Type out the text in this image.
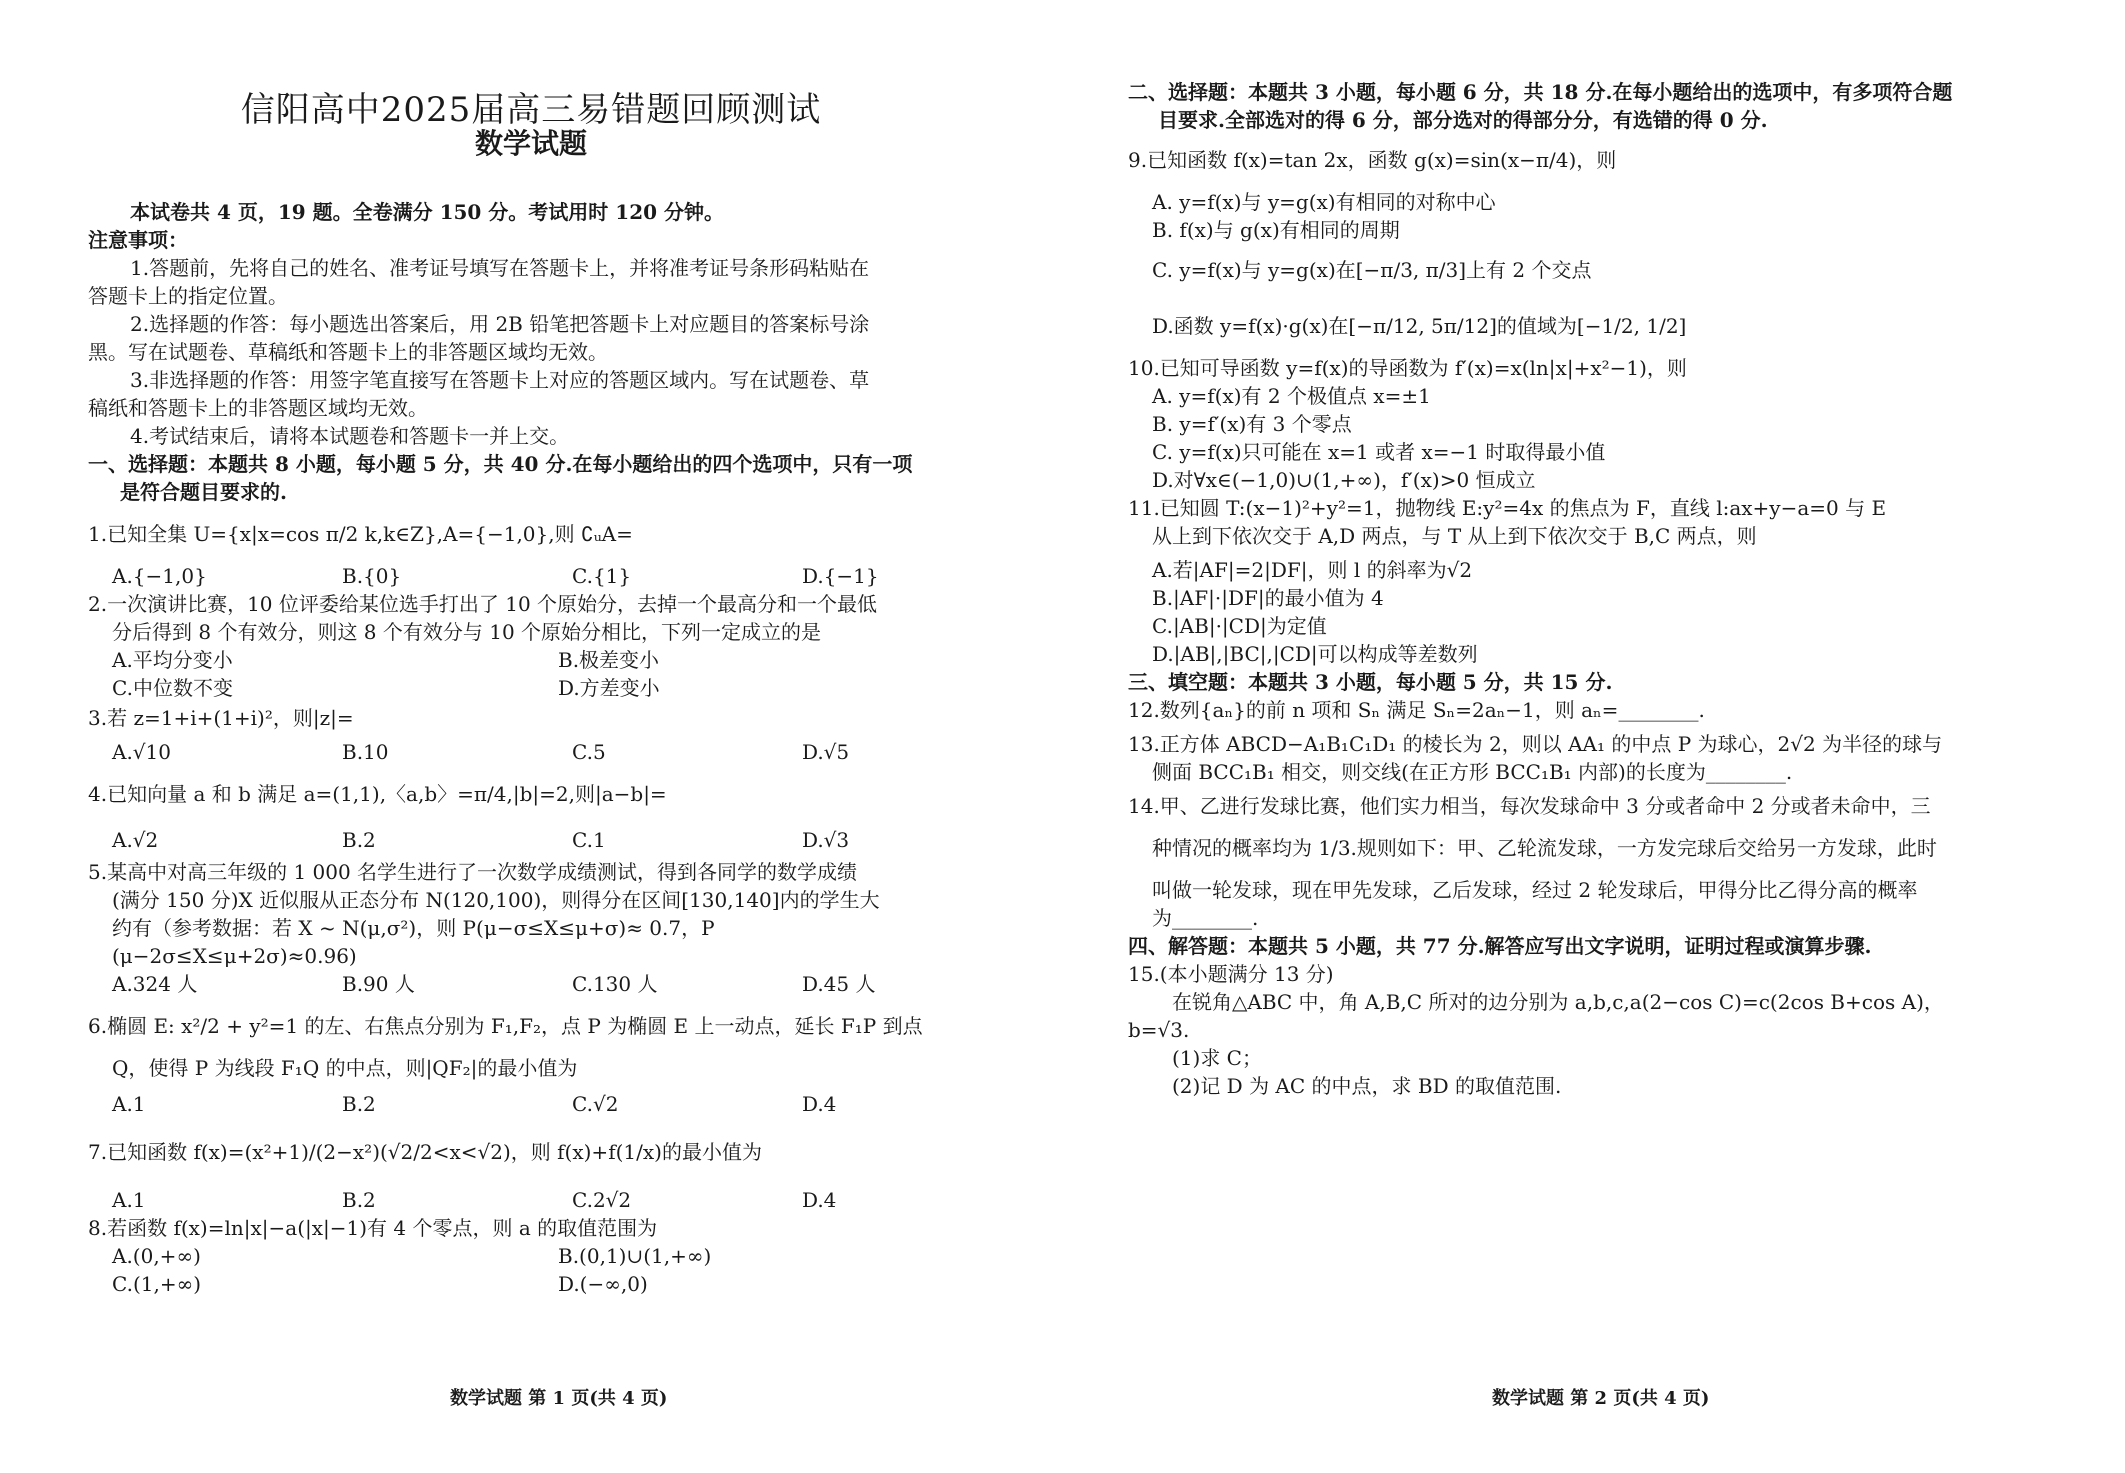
信阳高中2025届高三易错题回顾测试
数学试题
本试卷共 4 页，19 题。全卷满分 150 分。考试用时 120 分钟。
注意事项：
1.答题前，先将自己的姓名、准考证号填写在答题卡上，并将准考证号条形码粘贴在
答题卡上的指定位置。
2.选择题的作答：每小题选出答案后，用 2B 铅笔把答题卡上对应题目的答案标号涂
黑。写在试题卷、草稿纸和答题卡上的非答题区域均无效。
3.非选择题的作答：用签字笔直接写在答题卡上对应的答题区域内。写在试题卷、草
稿纸和答题卡上的非答题区域均无效。
4.考试结束后，请将本试题卷和答题卡一并上交。
一、选择题：本题共 8 小题，每小题 5 分，共 40 分.在每小题给出的四个选项中，只有一项
是符合题目要求的.
1.已知全集 U={x|x=cos π/2 k,k∈Z},A={−1,0},则 ∁ᵤA=
A.{−1,0}	B.{0}	C.{1}	D.{−1}
2.一次演讲比赛，10 位评委给某位选手打出了 10 个原始分，去掉一个最高分和一个最低
分后得到 8 个有效分，则这 8 个有效分与 10 个原始分相比，下列一定成立的是
A.平均分变小	B.极差变小
C.中位数不变	D.方差变小
3.若 z=1+i+(1+i)²，则|z|=
A.√10	B.10	C.5	D.√5
4.已知向量 a 和 b 满足 a=(1,1),〈a,b〉=π/4,|b|=2,则|a−b|=
A.√2	B.2	C.1	D.√3
5.某高中对高三年级的 1 000 名学生进行了一次数学成绩测试，得到各同学的数学成绩
(满分 150 分)X 近似服从正态分布 N(120,100)，则得分在区间[130,140]内的学生大
约有（参考数据：若 X ~ N(μ,σ²)，则 P(μ−σ≤X≤μ+σ)≈ 0.7，P
(μ−2σ≤X≤μ+2σ)≈0.96)
A.324 人	B.90 人	C.130 人	D.45 人
6.椭圆 E: x²/2 + y²=1 的左、右焦点分别为 F₁,F₂，点 P 为椭圆 E 上一动点，延长 F₁P 到点
Q，使得 P 为线段 F₁Q 的中点，则|QF₂|的最小值为
A.1	B.2	C.√2	D.4
7.已知函数 f(x)=(x²+1)/(2−x²)(√2/2<x<√2)，则 f(x)+f(1/x)的最小值为
A.1	B.2	C.2√2	D.4
8.若函数 f(x)=ln|x|−a(|x|−1)有 4 个零点，则 a 的取值范围为
A.(0,+∞)	B.(0,1)∪(1,+∞)
C.(1,+∞)	D.(−∞,0)
数学试题 第 1 页(共 4 页)
二、选择题：本题共 3 小题，每小题 6 分，共 18 分.在每小题给出的选项中，有多项符合题
目要求.全部选对的得 6 分，部分选对的得部分分，有选错的得 0 分.
9.已知函数 f(x)=tan 2x，函数 g(x)=sin(x−π/4)，则
A. y=f(x)与 y=g(x)有相同的对称中心
B. f(x)与 g(x)有相同的周期
C. y=f(x)与 y=g(x)在[−π/3, π/3]上有 2 个交点
D.函数 y=f(x)·g(x)在[−π/12, 5π/12]的值域为[−1/2, 1/2]
10.已知可导函数 y=f(x)的导函数为 f′(x)=x(ln|x|+x²−1)，则
A. y=f(x)有 2 个极值点 x=±1
B. y=f′(x)有 3 个零点
C. y=f(x)只可能在 x=1 或者 x=−1 时取得最小值
D.对∀x∈(−1,0)∪(1,+∞)，f′(x)>0 恒成立
11.已知圆 T:(x−1)²+y²=1，抛物线 E:y²=4x 的焦点为 F，直线 l:ax+y−a=0 与 E
从上到下依次交于 A,D 两点，与 T 从上到下依次交于 B,C 两点，则
A.若|AF|=2|DF|，则 l 的斜率为√2
B.|AF|·|DF|的最小值为 4
C.|AB|·|CD|为定值
D.|AB|,|BC|,|CD|可以构成等差数列
三、填空题：本题共 3 小题，每小题 5 分，共 15 分.
12.数列{aₙ}的前 n 项和 Sₙ 满足 Sₙ=2aₙ−1，则 aₙ=________.
13.正方体 ABCD−A₁B₁C₁D₁ 的棱长为 2，则以 AA₁ 的中点 P 为球心，2√2 为半径的球与
侧面 BCC₁B₁ 相交，则交线(在正方形 BCC₁B₁ 内部)的长度为________.
14.甲、乙进行发球比赛，他们实力相当，每次发球命中 3 分或者命中 2 分或者未命中，三
种情况的概率均为 1/3.规则如下：甲、乙轮流发球，一方发完球后交给另一方发球，此时
叫做一轮发球，现在甲先发球，乙后发球，经过 2 轮发球后，甲得分比乙得分高的概率
为________.
四、解答题：本题共 5 小题，共 77 分.解答应写出文字说明，证明过程或演算步骤.
15.(本小题满分 13 分)
在锐角△ABC 中，角 A,B,C 所对的边分别为 a,b,c,a(2−cos C)=c(2cos B+cos A)，
b=√3.
(1)求 C；
(2)记 D 为 AC 的中点，求 BD 的取值范围.
数学试题 第 2 页(共 4 页)
